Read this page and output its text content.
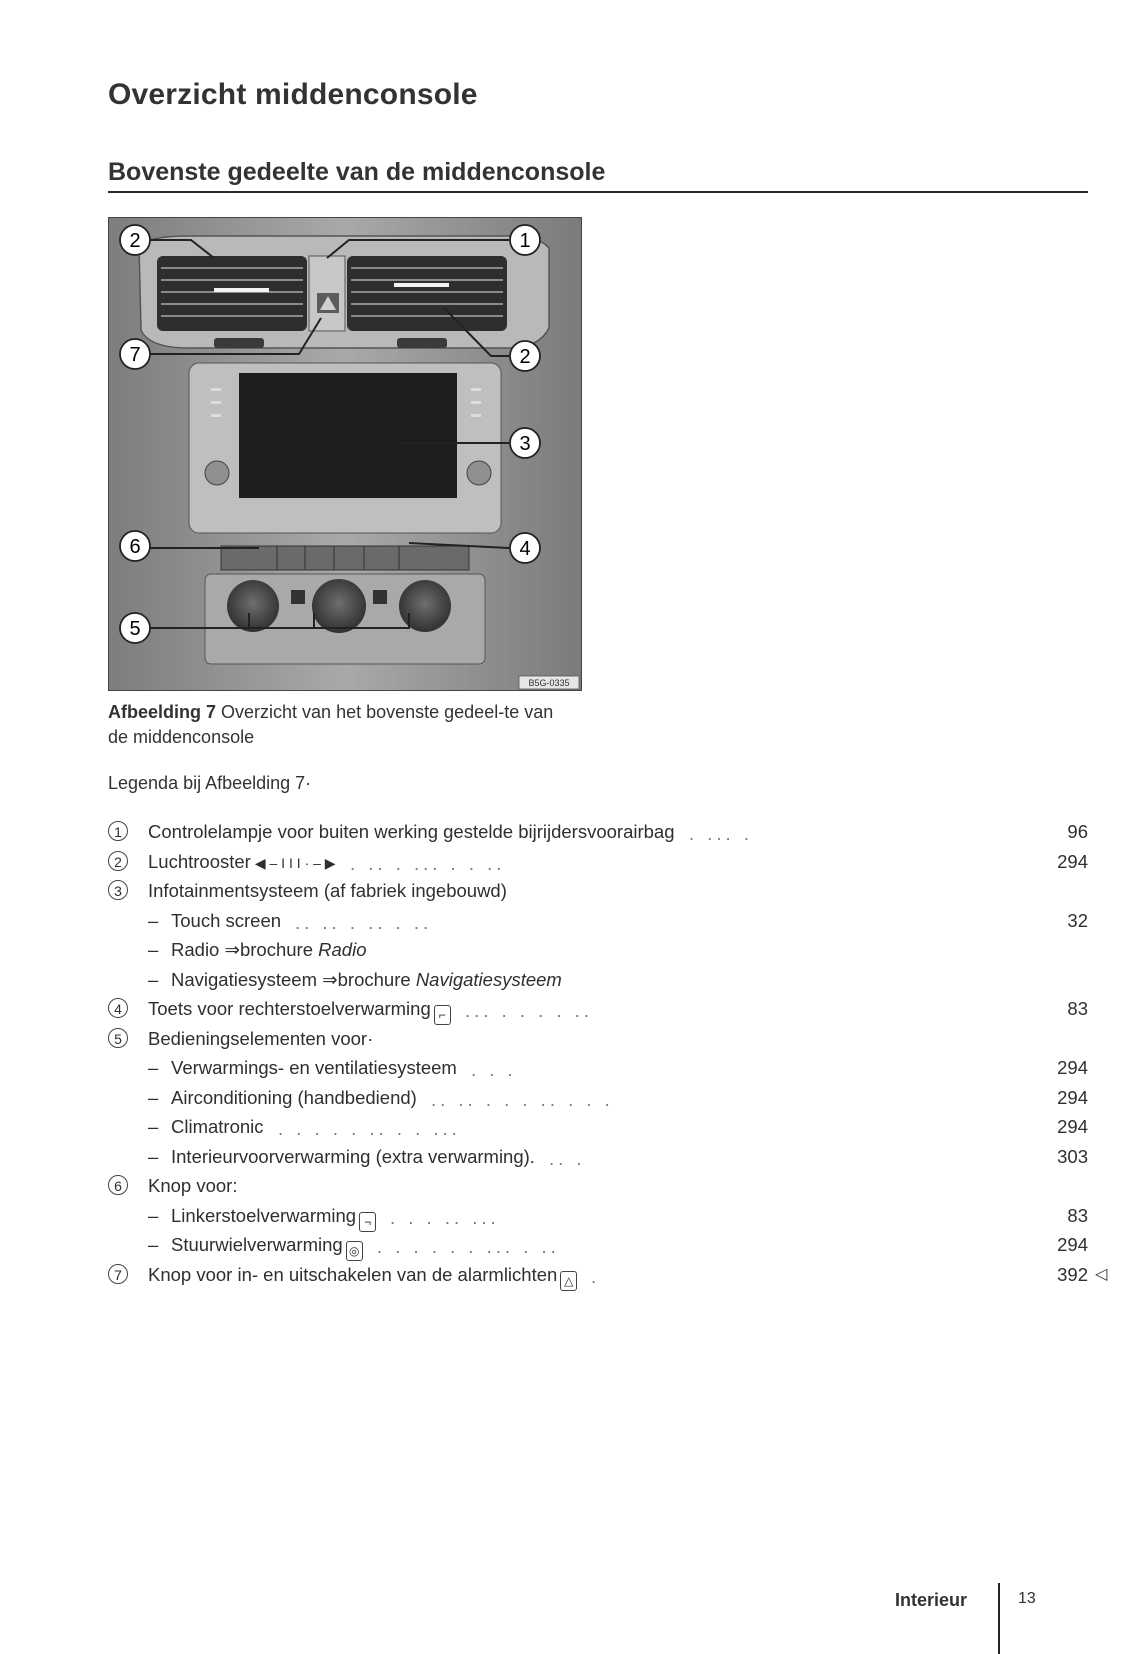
Overzicht middenconsole
Bovenste gedeelte van de middenconsole
2	1
7	2
3
6	4
5
B5G-0335
Afbeelding 7 Overzicht van het bovenste gedeel-te van de middenconsole
Legenda bij Afbeelding 7·
1	Controlelampje voor buiten werking gestelde bijrijdersvoorairbag . ... .	96
2	Luchtrooster ◀ – I I I · – ▶ . .. . ... . . ..	294
3	Infotainmentsysteem (af fabriek ingebouwd)
– Touch screen .. .. . .. . ..	32
– Radio ⇒brochure Radio
– Navigatiesysteem ⇒brochure Navigatiesysteem
4	Toets voor rechterstoelverwarming ⌐ ... . . . . ..	83
5	Bedieningselementen voor·
– Verwarmings- en ventilatiesysteem . . .	294
– Airconditioning (handbediend) .. .. . . . .. . . .	294
– Climatronic . . . . . .. . . ...	294
– Interieurvoorverwarming (extra verwarming). .. .	303
6	Knop voor:
– Linkerstoelverwarming ¬ . . . .. ...	83
– Stuurwielverwarming ◎ . . . . . . ... . ..	294
7	Knop voor in- en uitschakelen van de alarmlichten △ .	392 ◁
Interieur	13
